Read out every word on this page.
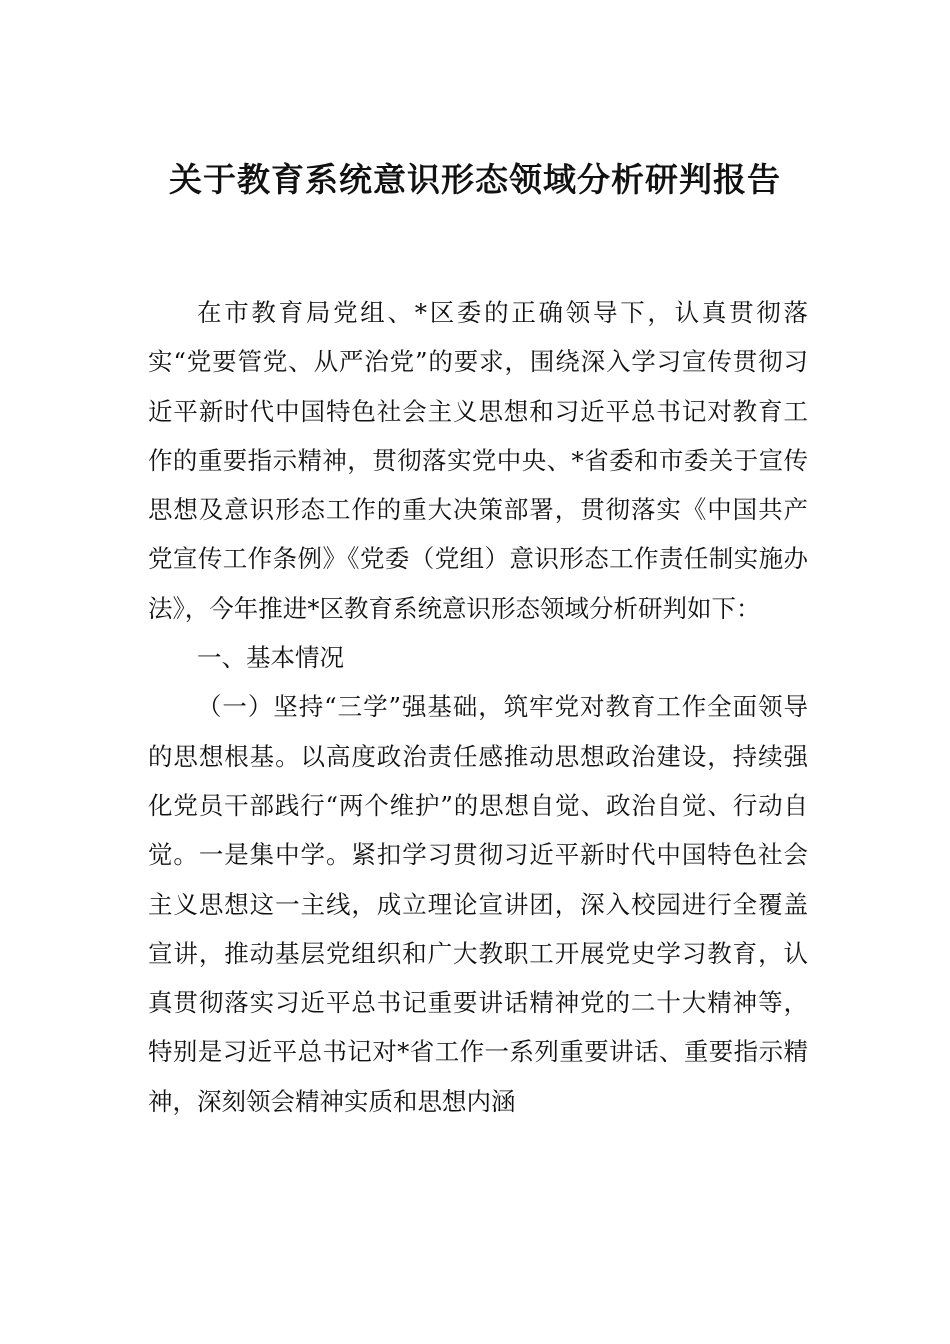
关于教育系统意识形态领域分析研判报告

在市教育局党组、*区委的正确领导下，认真贯彻落实“党要管党、从严治党”的要求，围绕深入学习宣传贯彻习近平新时代中国特色社会主义思想和习近平总书记对教育工作的重要指示精神，贯彻落实党中央、*省委和市委关于宣传思想及意识形态工作的重大决策部署，贯彻落实《中国共产党宣传工作条例》《党委（党组）意识形态工作责任制实施办法》，今年推进*区教育系统意识形态领域分析研判如下：

一、基本情况

（一）坚持“三学”强基础，筑牢党对教育工作全面领导的思想根基。以高度政治责任感推动思想政治建设，持续强化党员干部践行“两个维护”的思想自觉、政治自觉、行动自觉。一是集中学。紧扣学习贯彻习近平新时代中国特色社会主义思想这一主线，成立理论宣讲团，深入校园进行全覆盖宣讲，推动基层党组织和广大教职工开展党史学习教育，认真贯彻落实习近平总书记重要讲话精神党的二十大精神等，特别是习近平总书记对*省工作一系列重要讲话、重要指示精神，深刻领会精神实质和思想内涵
